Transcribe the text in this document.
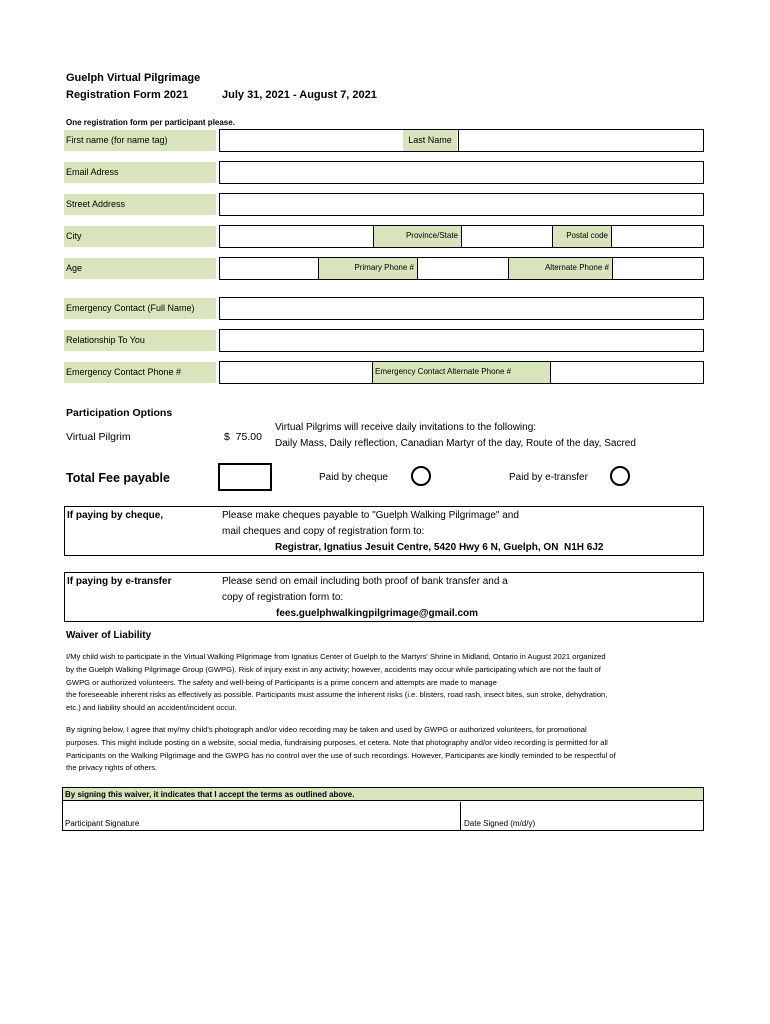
Guelph Virtual Pilgrimage
Registration Form 2021	July 31, 2021 - August 7, 2021
One registration form per participant please.
First name (for name tag)	Last Name
Email Adress
Street Address
City	Province/State	Postal code
Age	Primary Phone #	Alternate Phone #
Emergency Contact (Full Name)
Relationship To You
Emergency Contact Phone #	Emergency Contact Alternate Phone #
Participation Options
Virtual Pilgrim	$  75.00
Virtual Pilgrims will receive daily invitations to the following:
Daily Mass, Daily reflection, Canadian Martyr of the day, Route of the day, Sacred
Total Fee payable	Paid by cheque	Paid by e-transfer
If paying by cheque,	Please make cheques payable to "Guelph Walking Pilgrimage" and
mail cheques and copy of registration form to:
Registrar, Ignatius Jesuit Centre, 5420 Hwy 6 N, Guelph, ON  N1H 6J2
If paying by e-transfer	Please send on email including both proof of bank transfer and a
copy of registration form to:
fees.guelphwalkingpilgrimage@gmail.com
Waiver of Liability

I/My child wish to participate in the Virtual Walking Pilgrimage from Ignatius Center of Guelph to the Martyrs' Shrine in Midland, Ontario in August 2021 organized

by the Guelph Walking Pilgrimage Group (GWPG). Risk of injury exist in any activity; however, accidents may occur while participating which are not the fault of

GWPG or authorized volunteers. The safety and well-being of Participants is a prime concern and attempts are made to manage

the foreseeable inherent risks as effectively as possible. Participants must assume the inherent risks (i.e. blisters, road rash, insect bites, sun stroke, dehydration,

etc.) and liability should an accident/incident occur.

By signing below, I agree that my/my child's photograph and/or video recording may be taken and used by GWPG or authorized volunteers, for promotional

purposes. This might include posting on a website, social media, fundraising purposes, et cetera. Note that photography and/or video recording is permitted for all

Participants on the Walking Pilgrimage and the GWPG has no control over the use of such recordings. However, Participants are kindly reminded to be respectful of

the privacy rights of others.

By signing this waiver, it indicates that I accept the terms as outlined above.
Participant Signature	Date Signed (m/d/y)
